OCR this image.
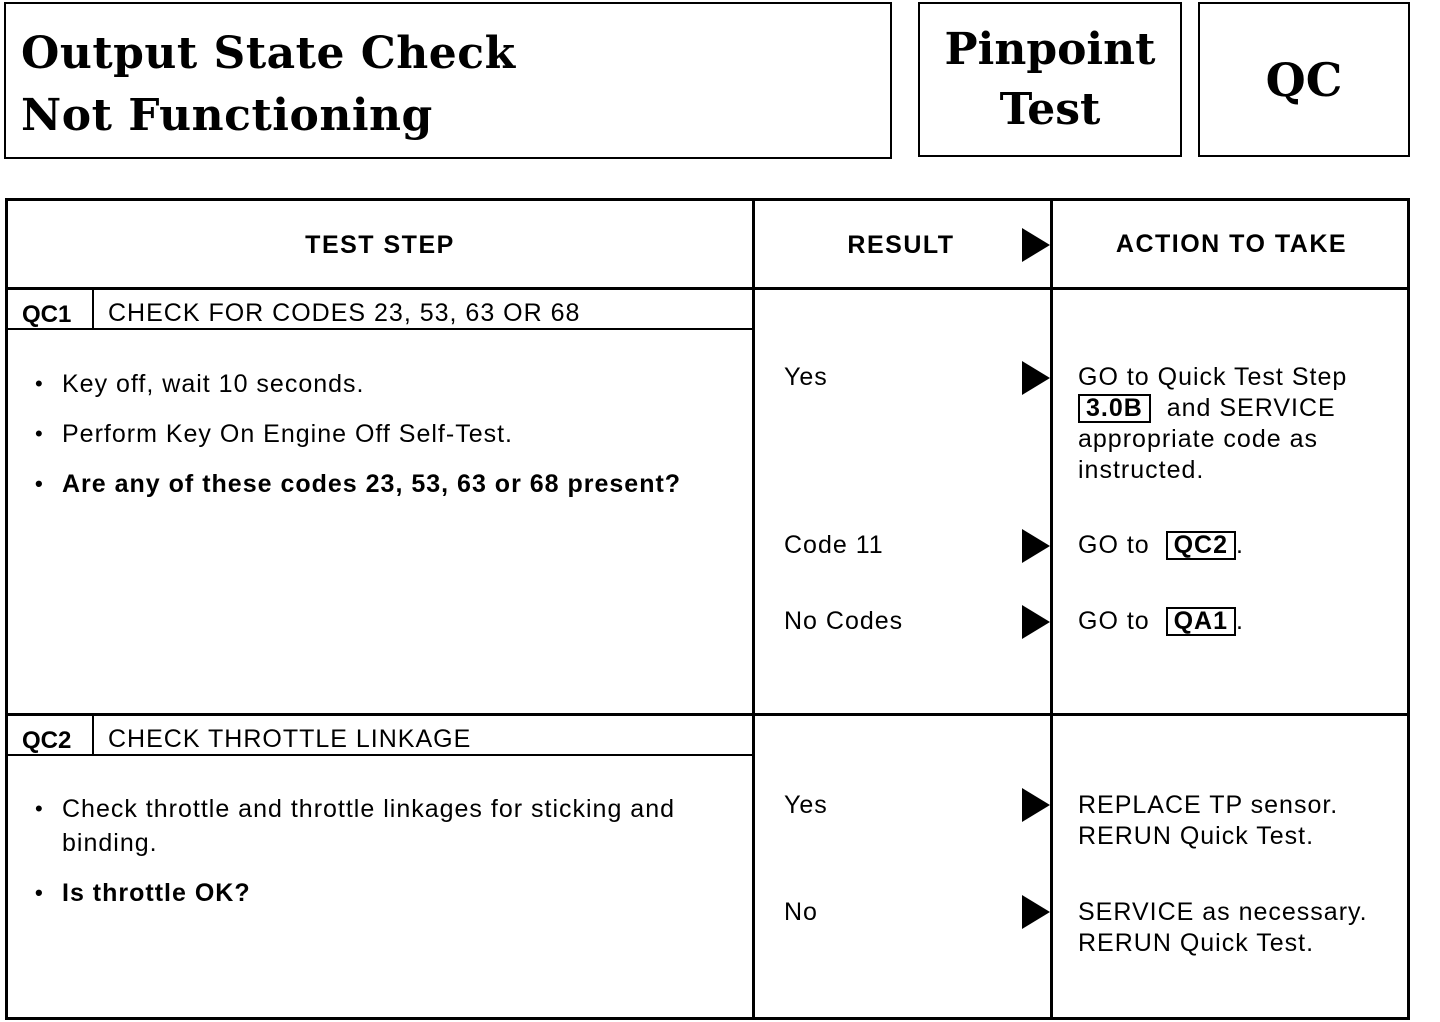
Output State Check
Not Functioning
Pinpoint
Test
QC
TEST STEP	RESULT	ACTION TO TAKE
QC1 CHECK FOR CODES 23, 53, 63 OR 68
• Key off, wait 10 seconds.
• Perform Key On Engine Off Self-Test.
• Are any of these codes 23, 53, 63 or 68 present?
Yes	GO to Quick Test Step
3.0B and SERVICE appropriate code as instructed.
Code 11	GO to QC2 .
No Codes	GO to QA1 .
QC2 CHECK THROTTLE LINKAGE
• Check throttle and throttle linkages for sticking and binding.
• Is throttle OK?
Yes	REPLACE TP sensor. RERUN Quick Test.
No	SERVICE as necessary. RERUN Quick Test.
